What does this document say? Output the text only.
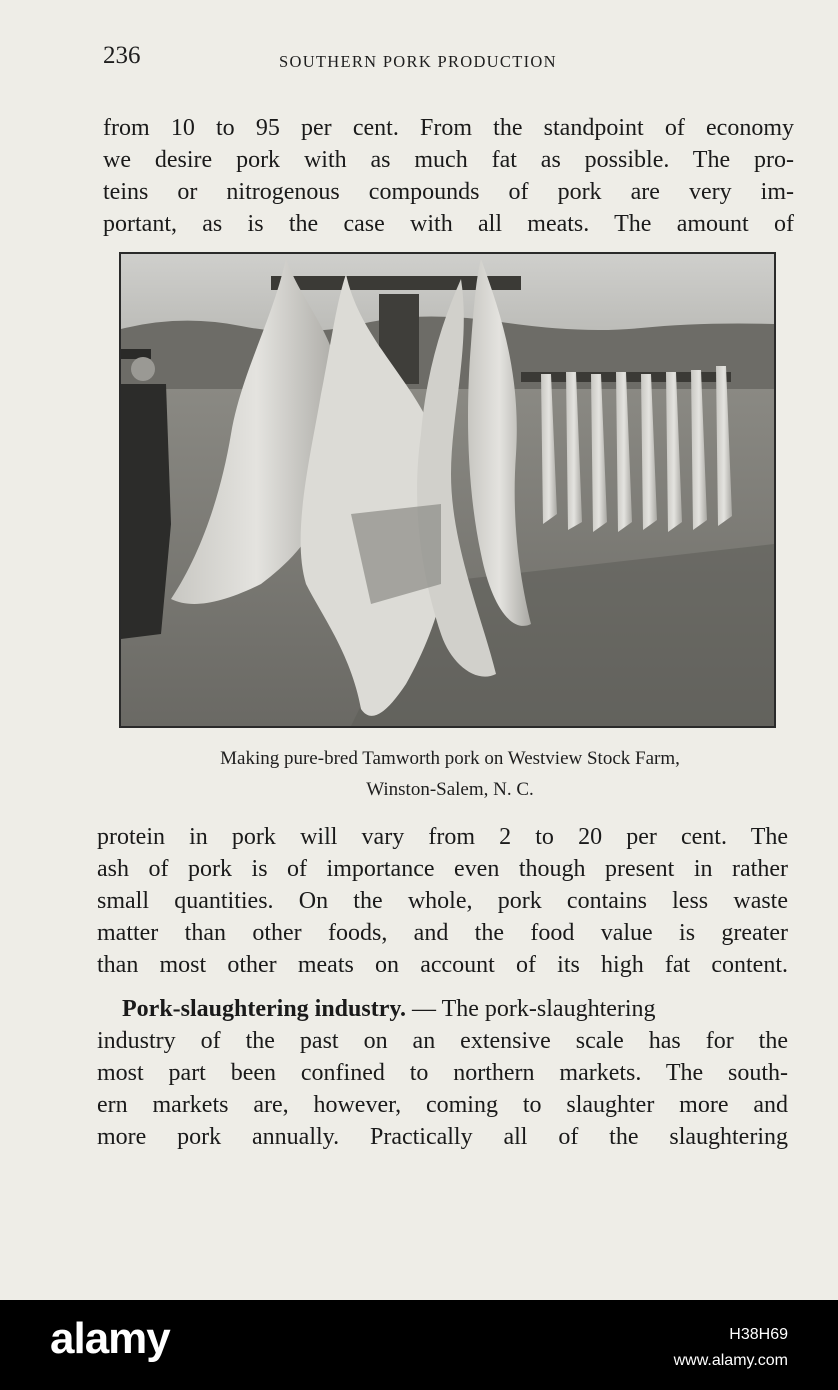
236	SOUTHERN PORK PRODUCTION
from 10 to 95 per cent. From the standpoint of economy
we desire pork with as much fat as possible. The pro-
teins or nitrogenous compounds of pork are very im-
portant, as is the case with all meats. The amount of
Making pure-bred Tamworth pork on Westview Stock Farm,
Winston-Salem, N. C.
protein in pork will vary from 2 to 20 per cent. The
ash of pork is of importance even though present in rather
small quantities. On the whole, pork contains less waste
matter than other foods, and the food value is greater
than most other meats on account of its high fat content.
Pork-slaughtering industry. — The pork-slaughtering
industry of the past on an extensive scale has for the
most part been confined to northern markets. The south-
ern markets are, however, coming to slaughter more and
more pork annually. Practically all of the slaughtering
alamy	H38H69
www.alamy.com
